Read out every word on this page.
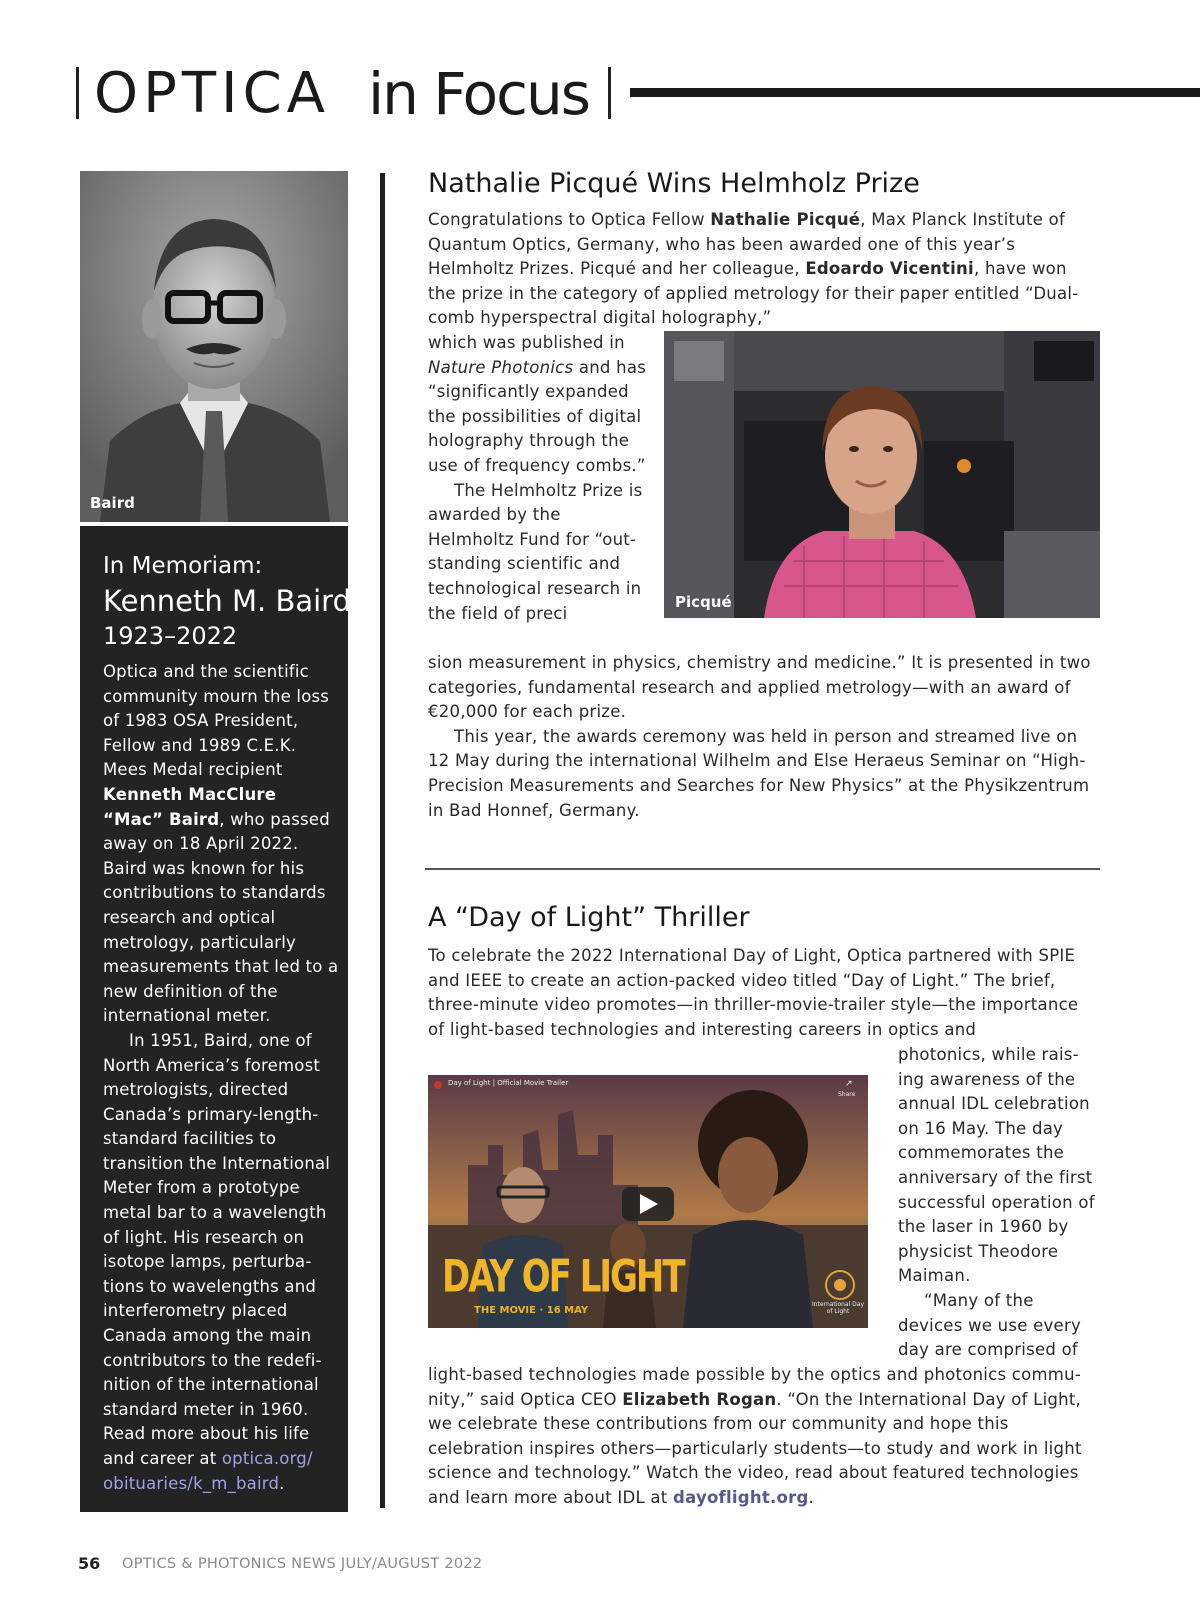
OPTICA in Focus
Baird
In Memoriam:
Kenneth M. Baird
1923–2022

Optica and the scientific community mourn the loss of 1983 OSA President, Fellow and 1989 C.E.K. Mees Medal recipient Kenneth MacClure “Mac” Baird, who passed away on 18 April 2022. Baird was known for his contributions to standards research and optical metrology, particularly measurements that led to a new definition of the international meter.

In 1951, Baird, one of North America’s foremost metrologists, directed Canada’s primary-length-standard facilities to transition the International Meter from a prototype metal bar to a wavelength of light. His research on isotope lamps, perturbations to wavelengths and interferometry placed Canada among the main contributors to the redefinition of the international standard meter in 1960. Read more about his life and career at optica.org/ obituaries/k_m_baird.

Nathalie Picqué Wins Helmholz Prize
Congratulations to Optica Fellow Nathalie Picqué, Max Planck Institute of Quantum Optics, Germany, who has been awarded one of this year’s Helmholtz Prizes. Picqué and her colleague, Edoardo Vicentini, have won the prize in the category of applied metrology for their paper entitled “Dual-comb hyperspectral digital holography,”

which was published in Nature Photonics and has “significantly expanded the possibilities of digital holography through the use of frequency combs.”

The Helmholtz Prize is awarded by the Helmholtz Fund for “outstanding scientific and technological research in the field of preci

Picqué

sion measurement in physics, chemistry and medicine.” It is presented in two categories, fundamental research and applied metrology—with an award of €20,000 for each prize.

This year, the awards ceremony was held in person and streamed live on 12 May during the international Wilhelm and Else Heraeus Seminar on “High-Precision Measurements and Searches for New Physics” at the Physikzentrum in Bad Honnef, Germany.

A “Day of Light” Thriller
To celebrate the 2022 International Day of Light, Optica partnered with SPIE and IEEE to create an action-packed video titled “Day of Light.” The brief, three-minute video promotes—in thriller-movie-trailer style—the importance of light-based technologies and interesting careers in optics and
Day of Light | Official Movie Trailer	↗
Share
DAY OF LIGHT
THE MOVIE · 16 MAY
International Day of Light

photonics, while raising awareness of the annual IDL celebration on 16 May. The day commemorates the anniversary of the first successful operation of the laser in 1960 by physicist Theodore Maiman.

“Many of the devices we use every day are comprised of

light-based technologies made possible by the optics and photonics community,” said Optica CEO Elizabeth Rogan. “On the International Day of Light, we celebrate these contributions from our community and hope this celebration inspires others—particularly students—to study and work in light science and technology.” Watch the video, read about featured technologies and learn more about IDL at dayoflight.org.
56 OPTICS & PHOTONICS NEWS JULY/AUGUST 2022
